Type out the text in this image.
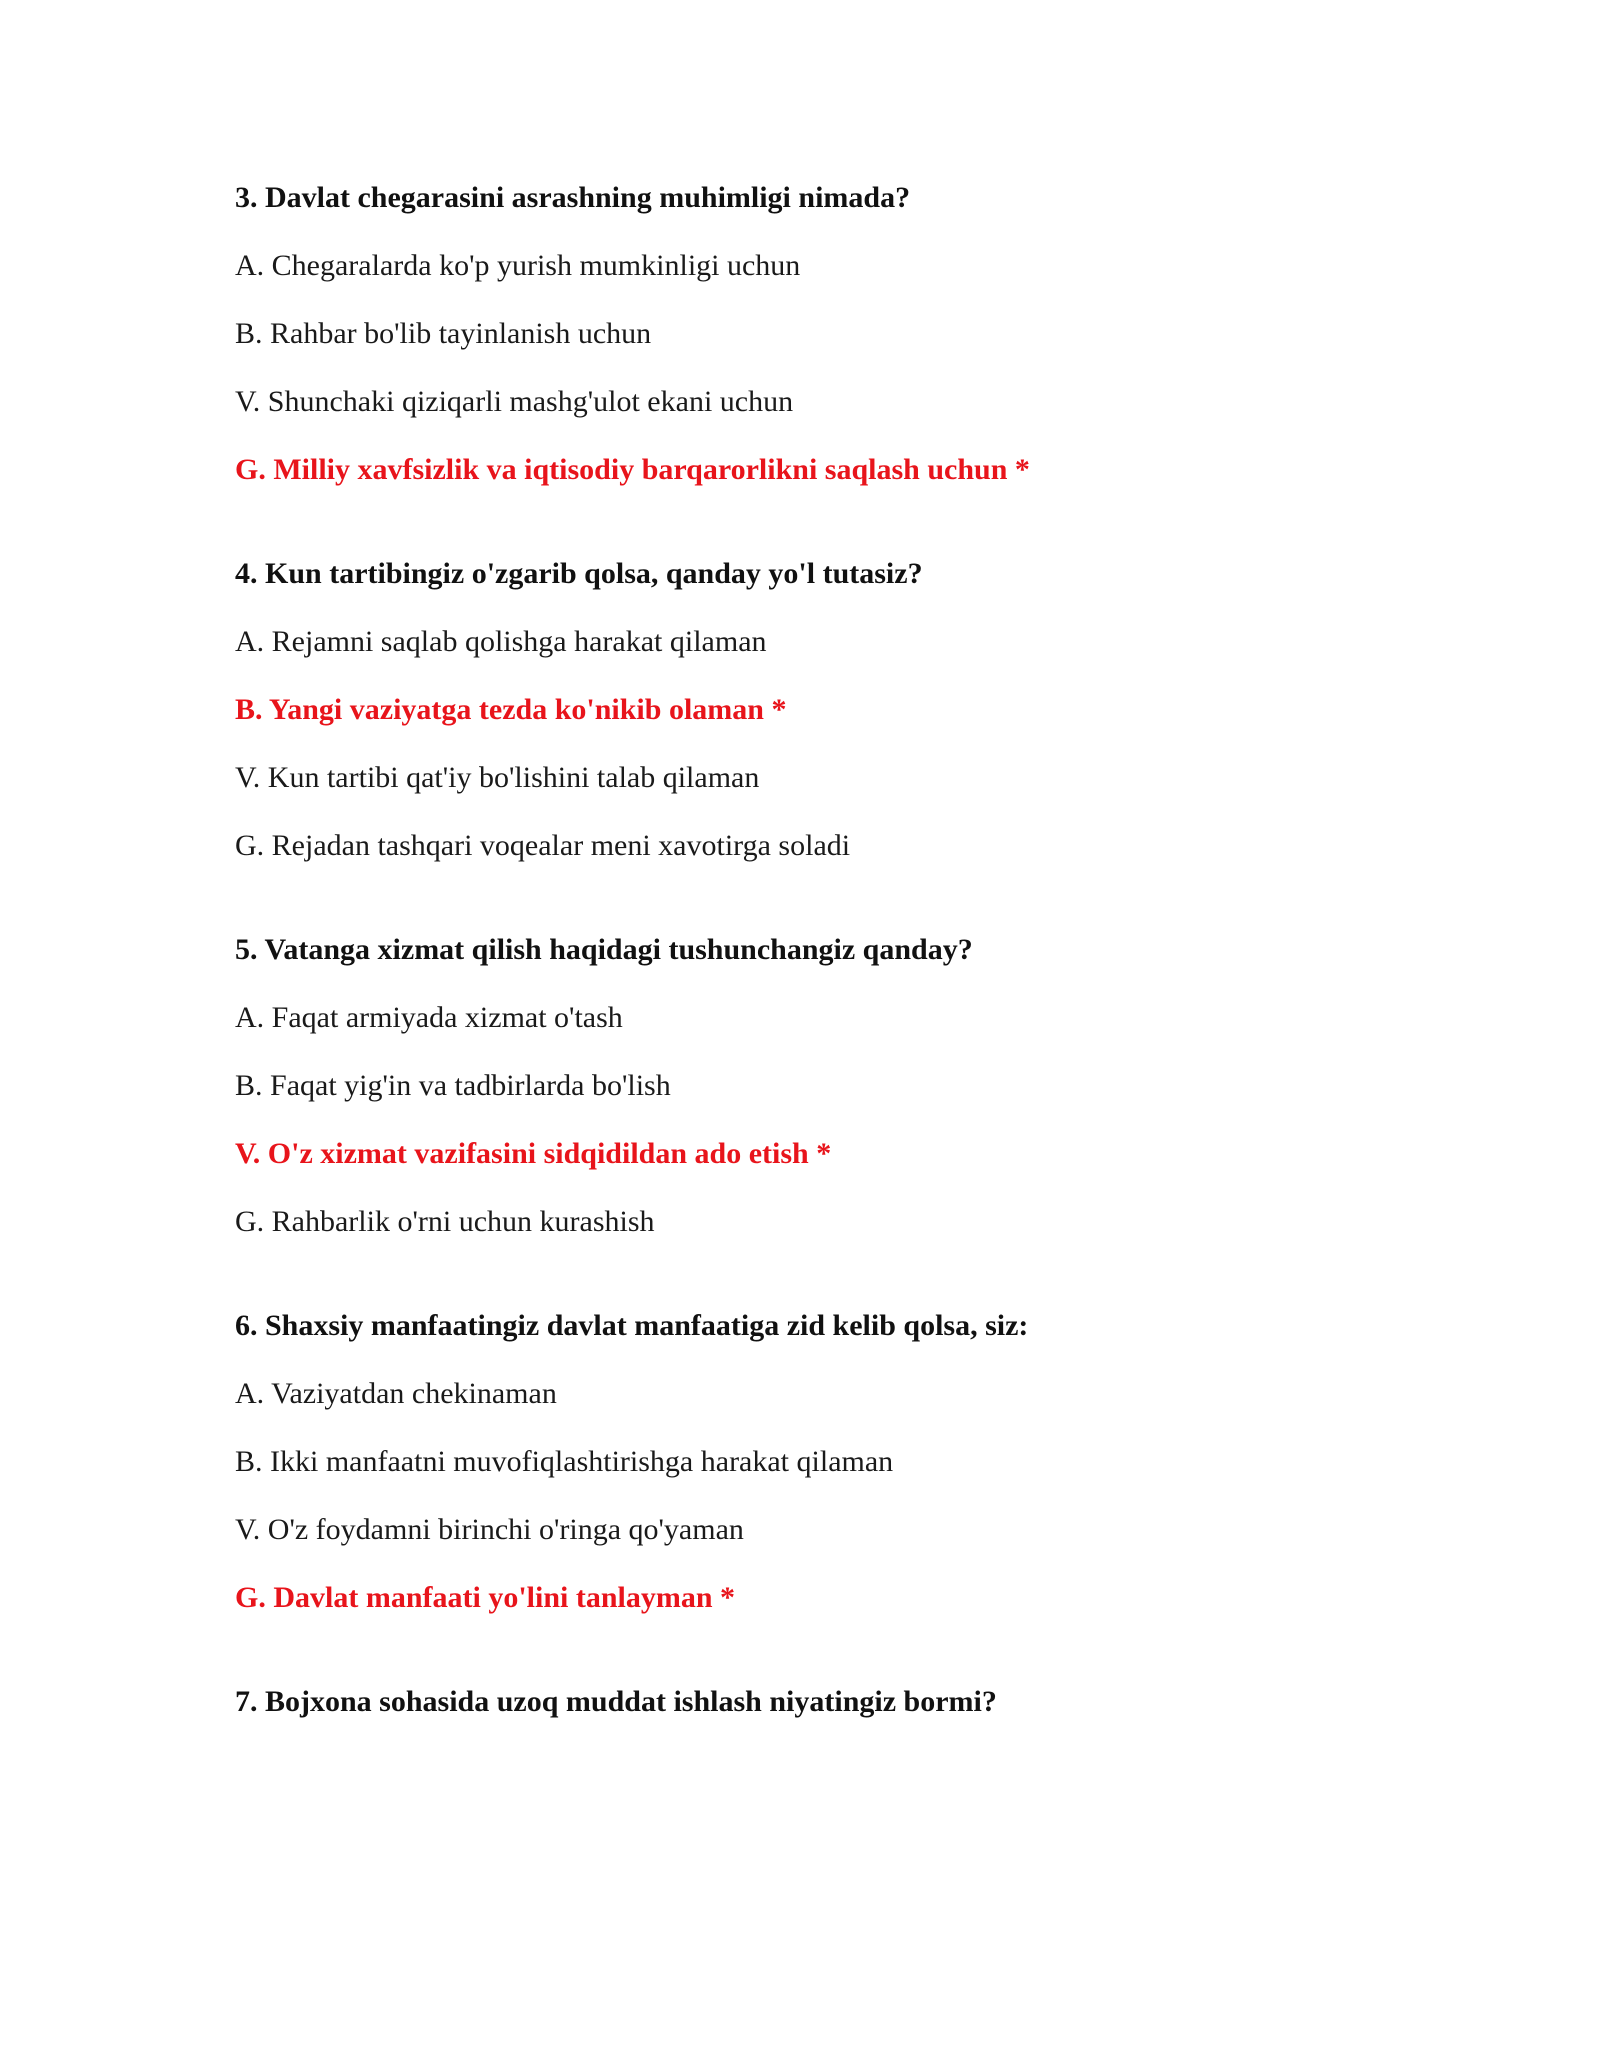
3. Davlat chegarasini asrashning muhimligi nimada?
A. Chegaralarda ko'p yurish mumkinligi uchun
B. Rahbar bo'lib tayinlanish uchun
V. Shunchaki qiziqarli mashg'ulot ekani uchun
G. Milliy xavfsizlik va iqtisodiy barqarorlikni saqlash uchun *
4. Kun tartibingiz o'zgarib qolsa, qanday yo'l tutasiz?
A. Rejamni saqlab qolishga harakat qilaman
B. Yangi vaziyatga tezda ko'nikib olaman *
V. Kun tartibi qat'iy bo'lishini talab qilaman
G. Rejadan tashqari voqealar meni xavotirga soladi
5. Vatanga xizmat qilish haqidagi tushunchangiz qanday?
A. Faqat armiyada xizmat o'tash
B. Faqat yig'in va tadbirlarda bo'lish
V. O'z xizmat vazifasini sidqidildan ado etish *
G. Rahbarlik o'rni uchun kurashish
6. Shaxsiy manfaatingiz davlat manfaatiga zid kelib qolsa, siz:
A. Vaziyatdan chekinaman
B. Ikki manfaatni muvofiqlashtirishga harakat qilaman
V. O'z foydamni birinchi o'ringa qo'yaman
G. Davlat manfaati yo'lini tanlayman *
7. Bojxona sohasida uzoq muddat ishlash niyatingiz bormi?
